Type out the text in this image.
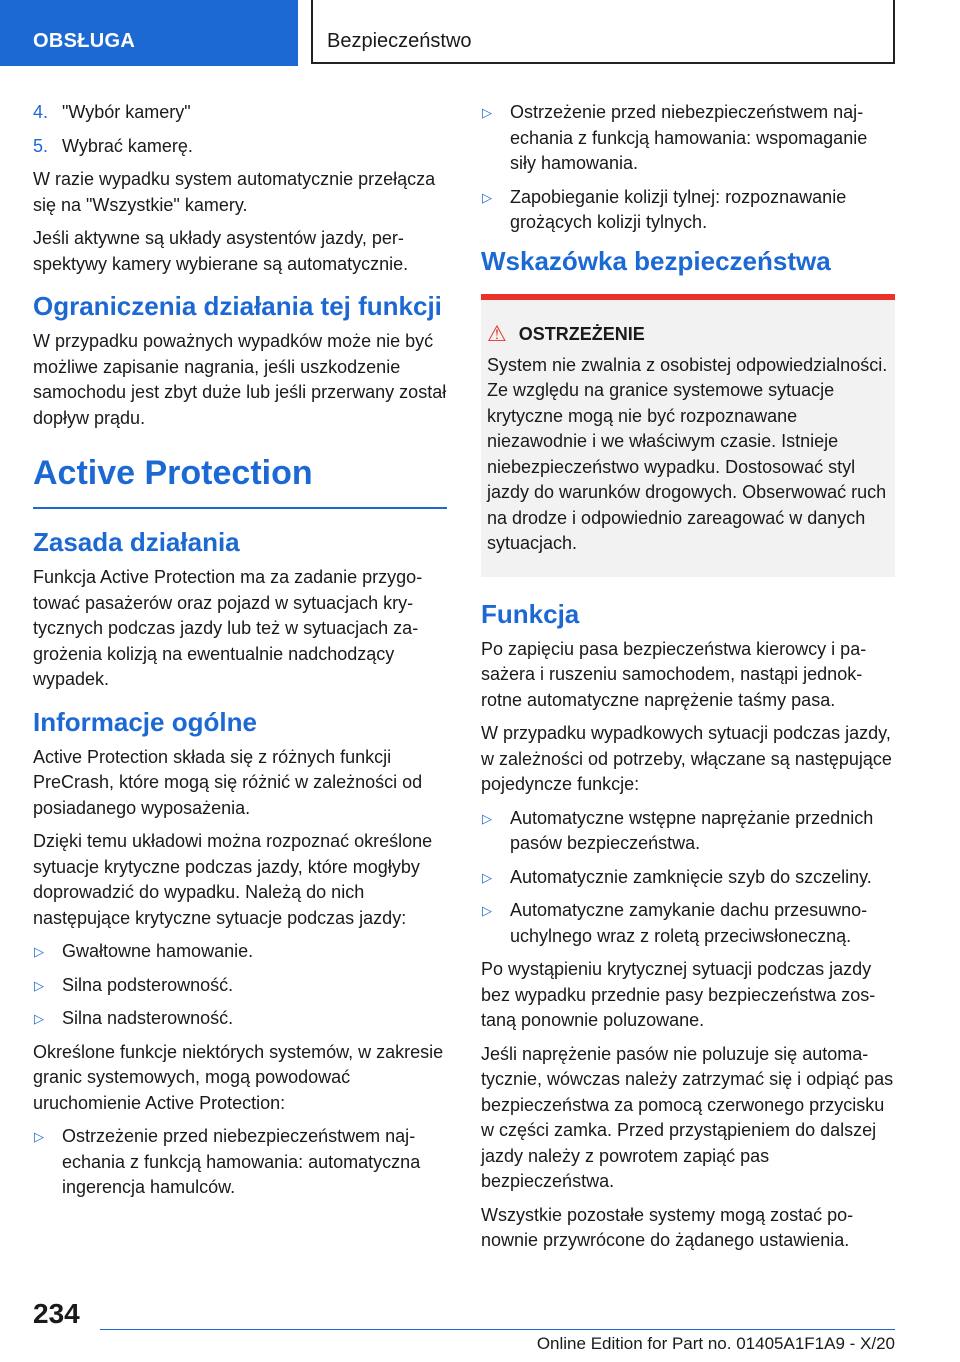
OBSŁUGA	Bezpieczeństwo
4. "Wybór kamery"
5. Wybrać kamerę.

W razie wypadku system automatycznie przełącza się na "Wszystkie" kamery.

Jeśli aktywne są układy asystentów jazdy, perspektywy kamery wybierane są automatycznie.

Ograniczenia działania tej funkcji

W przypadku poważnych wypadków może nie być możliwe zapisanie nagrania, jeśli uszkodzenie samochodu jest zbyt duże lub jeśli przerwany został dopływ prądu.

Active Protection
Zasada działania

Funkcja Active Protection ma za zadanie przygotować pasażerów oraz pojazd w sytuacjach krytycznych podczas jazdy lub też w sytuacjach zagrożenia kolizją na ewentualnie nadchodzący wypadek.

Informacje ogólne

Active Protection składa się z różnych funkcji PreCrash, które mogą się różnić w zależności od posiadanego wyposażenia.

Dzięki temu układowi można rozpoznać określone sytuacje krytyczne podczas jazdy, które mogłyby doprowadzić do wypadku. Należą do nich następujące krytyczne sytuacje podczas jazdy:

▷ Gwałtowne hamowanie.
▷ Silna podsterowność.
▷ Silna nadsterowność.

Określone funkcje niektórych systemów, w zakresie granic systemowych, mogą powodować uruchomienie Active Protection:

▷ Ostrzeżenie przed niebezpieczeństwem najechania z funkcją hamowania: automatyczna ingerencja hamulców.
▷ Ostrzeżenie przed niebezpieczeństwem najechania z funkcją hamowania: wspomaganie siły hamowania.
▷ Zapobieganie kolizji tylnej: rozpoznawanie grożących kolizji tylnych.
Wskazówka bezpieczeństwa
⚠ OSTRZEŻENIE

System nie zwalnia z osobistej odpowiedzialności. Ze względu na granice systemowe sytuacje krytyczne mogą nie być rozpoznawane niezawodnie i we właściwym czasie. Istnieje niebezpieczeństwo wypadku. Dostosować styl jazdy do warunków drogowych. Obserwować ruch na drodze i odpowiednio zareagować w danych sytuacjach.

Funkcja

Po zapięciu pasa bezpieczeństwa kierowcy i pasażera i ruszeniu samochodem, nastąpi jednokrotne automatyczne naprężenie taśmy pasa.

W przypadku wypadkowych sytuacji podczas jazdy, w zależności od potrzeby, włączane są następujące pojedyncze funkcje:

▷ Automatyczne wstępne naprężanie przednich pasów bezpieczeństwa.
▷ Automatycznie zamknięcie szyb do szczeliny.
▷ Automatyczne zamykanie dachu przesuwno-uchylnego wraz z roletą przeciwsłoneczną.

Po wystąpieniu krytycznej sytuacji podczas jazdy bez wypadku przednie pasy bezpieczeństwa zostaną ponownie poluzowane.

Jeśli naprężenie pasów nie poluzuje się automatycznie, wówczas należy zatrzymać się i odpiąć pas bezpieczeństwa za pomocą czerwonego przycisku w części zamka. Przed przystąpieniem do dalszej jazdy należy z powrotem zapiąć pas bezpieczeństwa.

Wszystkie pozostałe systemy mogą zostać ponownie przywrócone do żądanego ustawienia.

234
Online Edition for Part no. 01405A1F1A9 - X/20
